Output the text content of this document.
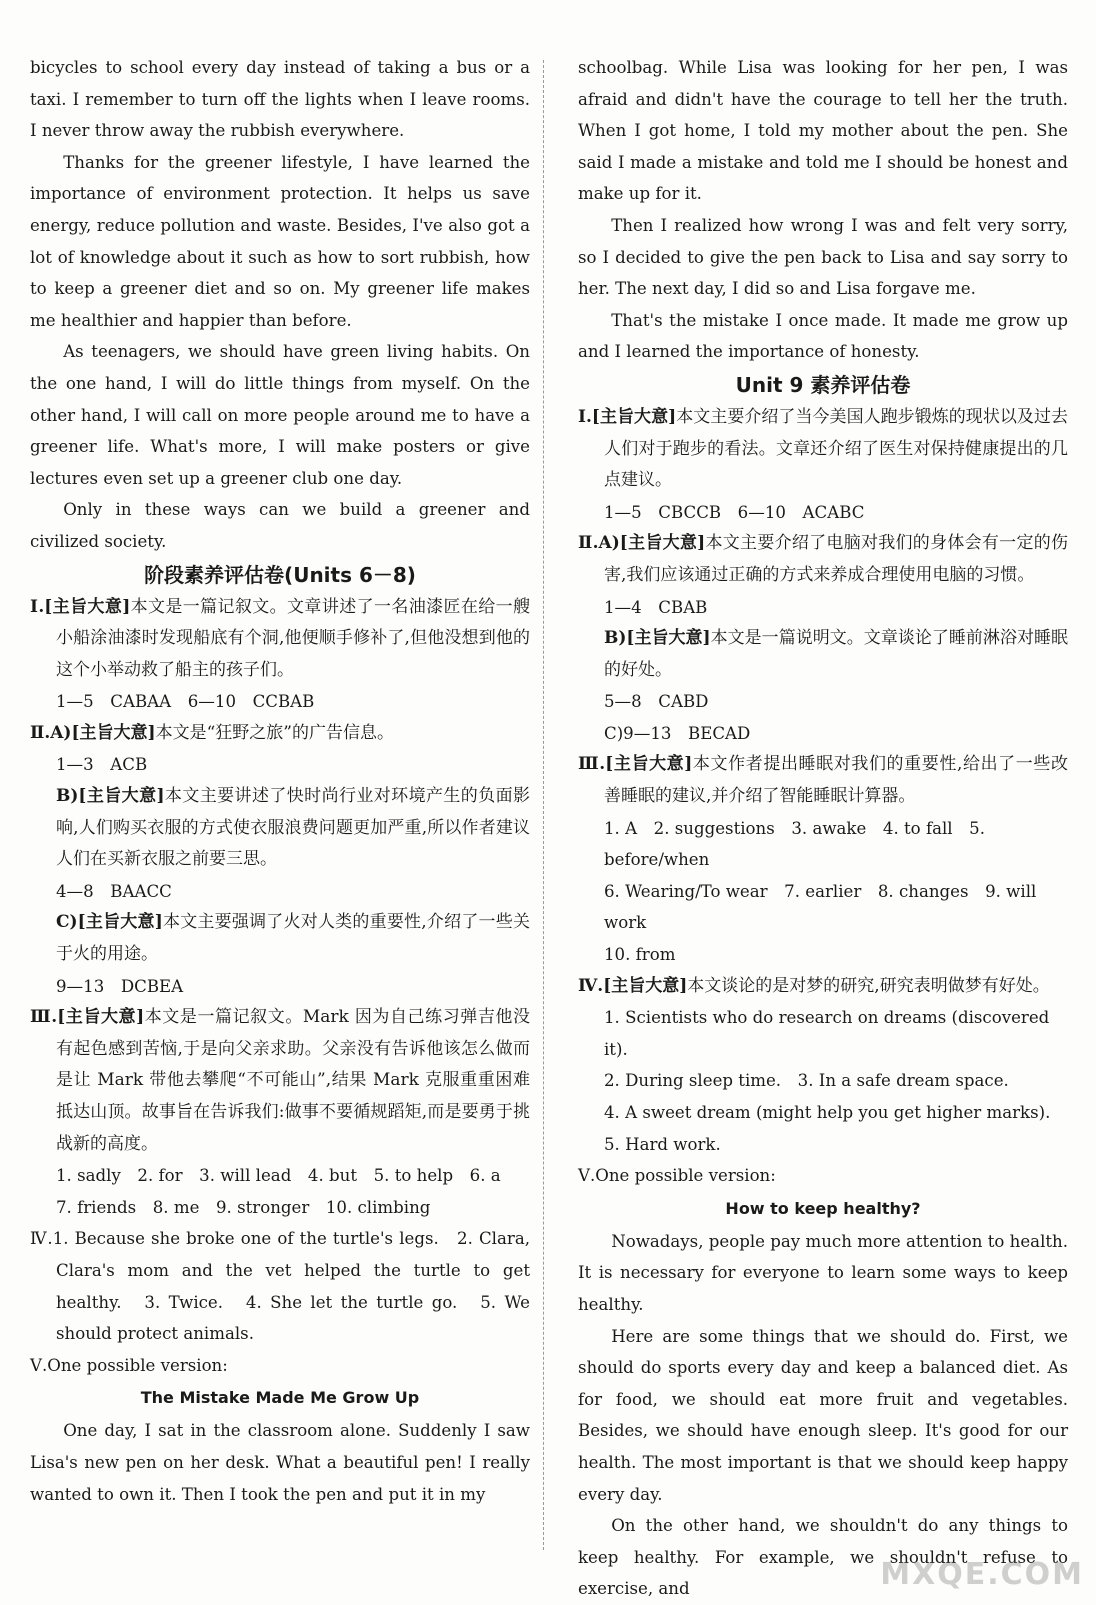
bicycles to school every day instead of taking a bus or a taxi. I remember to turn off the lights when I leave rooms. I never throw away the rubbish everywhere.

Thanks for the greener lifestyle, I have learned the importance of environment protection. It helps us save energy, reduce pollution and waste. Besides, I've also got a lot of knowledge about it such as how to sort rubbish, how to keep a greener diet and so on. My greener life makes me healthier and happier than before.

As teenagers, we should have green living habits. On the one hand, I will do little things from myself. On the other hand, I will call on more people around me to have a greener life. What's more, I will make posters or give lectures even set up a greener club one day.

Only in these ways can we build a greener and civilized society.

阶段素养评估卷(Units 6－8)

Ⅰ.[主旨大意]本文是一篇记叙文。文章讲述了一名油漆匠在给一艘小船涂油漆时发现船底有个洞,他便顺手修补了,但他没想到他的这个小举动救了船主的孩子们。

1—5　CABAA　6—10　CCBAB

Ⅱ.A)[主旨大意]本文是“狂野之旅”的广告信息。

1—3　ACB

B)[主旨大意]本文主要讲述了快时尚行业对环境产生的负面影响,人们购买衣服的方式使衣服浪费问题更加严重,所以作者建议人们在买新衣服之前要三思。

4—8　BAACC

C)[主旨大意]本文主要强调了火对人类的重要性,介绍了一些关于火的用途。

9—13　DCBEA

Ⅲ.[主旨大意]本文是一篇记叙文。Mark 因为自己练习弹吉他没有起色感到苦恼,于是向父亲求助。父亲没有告诉他该怎么做而是让 Mark 带他去攀爬“不可能山”,结果 Mark 克服重重困难抵达山顶。故事旨在告诉我们:做事不要循规蹈矩,而是要勇于挑战新的高度。

1. sadly　2. for　3. will lead　4. but　5. to help　6. a

7. friends　8. me　9. stronger　10. climbing

Ⅳ.1. Because she broke one of the turtle's legs.　2. Clara, Clara's mom and the vet helped the turtle to get healthy.　3. Twice.　4. She let the turtle go.　5. We should protect animals.

Ⅴ.One possible version:

The Mistake Made Me Grow Up

One day, I sat in the classroom alone. Suddenly I saw Lisa's new pen on her desk. What a beautiful pen! I really wanted to own it. Then I took the pen and put it in my

schoolbag. While Lisa was looking for her pen, I was afraid and didn't have the courage to tell her the truth. When I got home, I told my mother about the pen. She said I made a mistake and told me I should be honest and make up for it.

Then I realized how wrong I was and felt very sorry, so I decided to give the pen back to Lisa and say sorry to her. The next day, I did so and Lisa forgave me.

That's the mistake I once made. It made me grow up and I learned the importance of honesty.

Unit 9 素养评估卷

Ⅰ.[主旨大意]本文主要介绍了当今美国人跑步锻炼的现状以及过去人们对于跑步的看法。文章还介绍了医生对保持健康提出的几点建议。

1—5　CBCCB　6—10　ACABC

Ⅱ.A)[主旨大意]本文主要介绍了电脑对我们的身体会有一定的伤害,我们应该通过正确的方式来养成合理使用电脑的习惯。

1—4　CBAB

B)[主旨大意]本文是一篇说明文。文章谈论了睡前淋浴对睡眠的好处。

5—8　CABD

C)9—13　BECAD

Ⅲ.[主旨大意]本文作者提出睡眠对我们的重要性,给出了一些改善睡眠的建议,并介绍了智能睡眠计算器。

1. A　2. suggestions　3. awake　4. to fall　5. before/when

6. Wearing/To wear　7. earlier　8. changes　9. will work

10. from

Ⅳ.[主旨大意]本文谈论的是对梦的研究,研究表明做梦有好处。

1. Scientists who do research on dreams (discovered it).

2. During sleep time.　3. In a safe dream space.

4. A sweet dream (might help you get higher marks).

5. Hard work.

Ⅴ.One possible version:

How to keep healthy?

Nowadays, people pay much more attention to health. It is necessary for everyone to learn some ways to keep healthy.

Here are some things that we should do. First, we should do sports every day and keep a balanced diet. As for food, we should eat more fruit and vegetables. Besides, we should have enough sleep. It's good for our health. The most important is that we should keep happy every day.

On the other hand, we shouldn't do any things to keep healthy. For example, we shouldn't refuse to exercise, and	MXQE.COM
